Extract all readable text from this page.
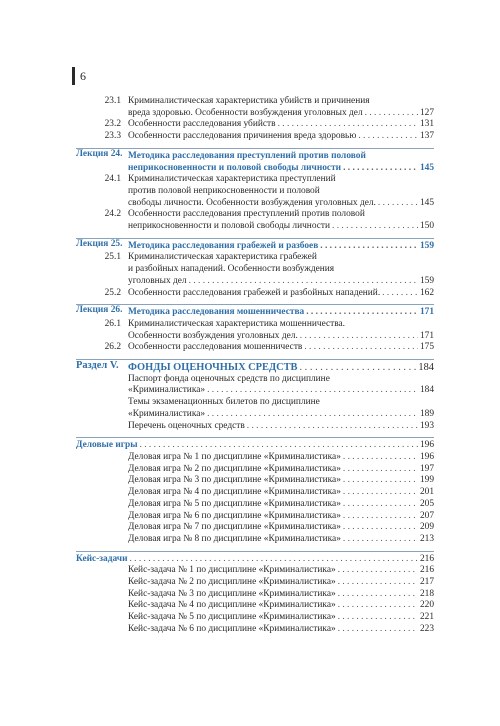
6
23.1 Криминалистическая характеристика убийств и причинения
вреда здоровью. Особенности возбуждения уголовных дел . . .	127
23.2 Особенности расследования убийств . . .	131
23.3 Особенности расследования причинения вреда здоровью . . .	137
Лекция 24. Методика расследования преступлений против половой
неприкосновенности и половой свободы личности . . .	145
24.1 Криминалистическая характеристика преступлений
против половой неприкосновенности и половой
свободы личности. Особенности возбуждения уголовных дел. . . .	145
24.2 Особенности расследования преступлений против половой
неприкосновенности и половой свободы личности . . .	150
Лекция 25. Методика расследования грабежей и разбоев . . .	159
25.1 Криминалистическая характеристика грабежей
и разбойных нападений. Особенности возбуждения
уголовных дел . . .	159
25.2 Особенности расследования грабежей и разбойных нападений. . . .	162
Лекция 26. Методика расследования мошенничества . . .	171
26.1 Криминалистическая характеристика мошенничества.
Особенности возбуждения уголовных дел. . . .	171
26.2 Особенности расследования мошенничеств . . .	175
Раздел V. ФОНДЫ ОЦЕНОЧНЫХ СРЕДСТВ . . .	184
Паспорт фонда оценочных средств по дисциплине
«Криминалистика» . . .	184
Темы экзаменационных билетов по дисциплине
«Криминалистика» . . .	189
Перечень оценочных средств . . .	193
Деловые игры . . .	196
Деловая игра № 1 по дисциплине «Криминалистика» . . .	196
Деловая игра № 2 по дисциплине «Криминалистика» . . .	197
Деловая игра № 3 по дисциплине «Криминалистика» . . .	199
Деловая игра № 4 по дисциплине «Криминалистика» . . .	201
Деловая игра № 5 по дисциплине «Криминалистика» . . .	205
Деловая игра № 6 по дисциплине «Криминалистика» . . .	207
Деловая игра № 7 по дисциплине «Криминалистика» . . .	209
Деловая игра № 8 по дисциплине «Криминалистика» . . .	213
Кейс-задачи . . .	216
Кейс-задача № 1 по дисциплине «Криминалистика» . . .	216
Кейс-задача № 2 по дисциплине «Криминалистика» . . .	217
Кейс-задача № 3 по дисциплине «Криминалистика» . . .	218
Кейс-задача № 4 по дисциплине «Криминалистика» . . .	220
Кейс-задача № 5 по дисциплине «Криминалистика» . . .	221
Кейс-задача № 6 по дисциплине «Криминалистика» . . .	223
